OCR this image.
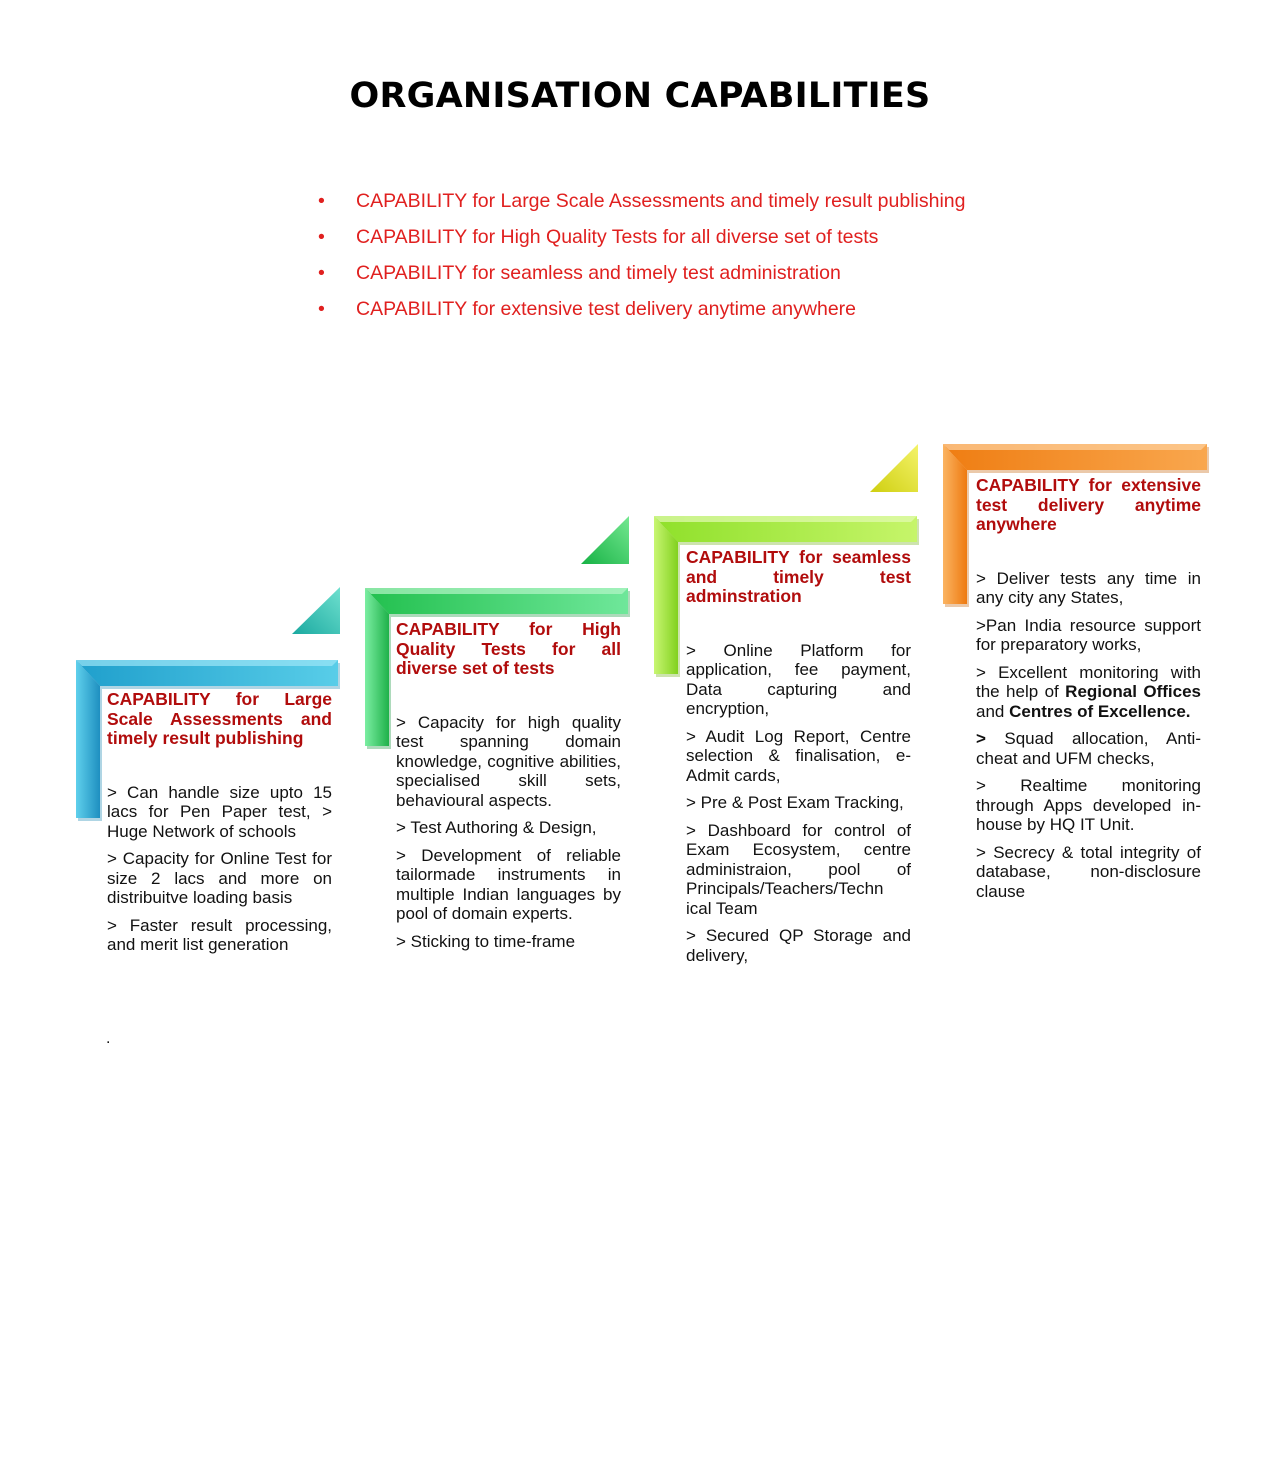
ORGANISATION CAPABILITIES
• CAPABILITY for Large Scale Assessments and timely result publishing
• CAPABILITY for High Quality Tests for all diverse set of tests
• CAPABILITY for seamless and timely test administration
• CAPABILITY for extensive test delivery anytime anywhere
CAPABILITY for Large Scale Assessments and timely result publishing
> Can handle size upto 15 lacs for Pen Paper test, > Huge Network of schools
> Capacity for Online Test for size 2 lacs and more on distribuitve loading basis
> Faster result processing, and merit list generation
CAPABILITY for High Quality Tests for all diverse set of tests
> Capacity for high quality test spanning domain knowledge, cognitive abilities, specialised skill sets, behavioural aspects.
> Test Authoring & Design,
> Development of reliable tailormade instruments in multiple Indian languages by pool of domain experts.
> Sticking to time-frame
CAPABILITY for seamless and timely test adminstration
> Online Platform for application, fee payment, Data capturing and encryption,
> Audit Log Report, Centre selection & finalisation, e-Admit cards,
> Pre & Post Exam Tracking,
> Dashboard for control of Exam Ecosystem, centre administraion, pool of Principals/Teachers/Techn ical Team
> Secured QP Storage and delivery,
CAPABILITY for extensive test delivery anytime anywhere
> Deliver tests any time in any city any States,
>Pan India resource support for preparatory works,
> Excellent monitoring with the help of Regional Offices and Centres of Excellence.
> Squad allocation, Anti-cheat and UFM checks,
> Realtime monitoring through Apps developed in-house by HQ IT Unit.
> Secrecy & total integrity of database, non-disclosure clause
.
